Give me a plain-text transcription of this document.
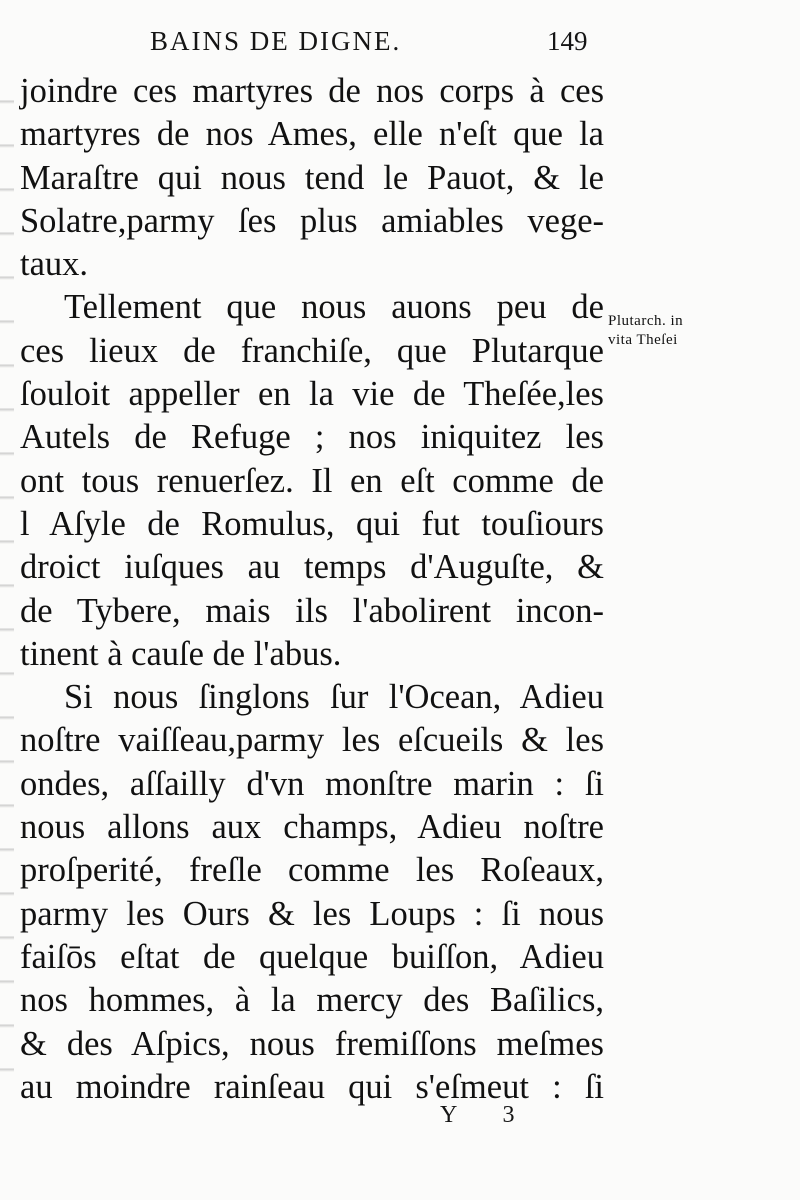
BAINS DE DIGNE.	149
joindre ces martyres de nos corps à ces
martyres de nos Ames, elle n'eſt que la
Maraſtre qui nous tend le Pauot, & le
Solatre,parmy ſes plus amiables vege-
taux.
Tellement que nous auons peu de
ces lieux de franchiſe, que Plutarque
ſouloit appeller en la vie de Theſée,les
Autels de Refuge ; nos iniquitez les
ont tous renuerſez. Il en eſt comme de
l Aſyle de Romulus, qui fut touſiours
droict iuſques au temps d'Auguſte, &
de Tybere, mais ils l'abolirent incon-
tinent à cauſe de l'abus.
Si nous ſinglons ſur l'Ocean, Adieu
noſtre vaiſſeau,parmy les eſcueils & les
ondes, aſſailly d'vn monſtre marin : ſi
nous allons aux champs, Adieu noſtre
proſperité, freſle comme les Roſeaux,
parmy les Ours & les Loups : ſi nous
faiſōs eſtat de quelque buiſſon, Adieu
nos hommes, à la mercy des Baſilics,
& des Aſpics, nous fremiſſons meſmes
au moindre rainſeau qui s'eſmeut : ſi
Plutarch. in
vita Theſei
Y 3
